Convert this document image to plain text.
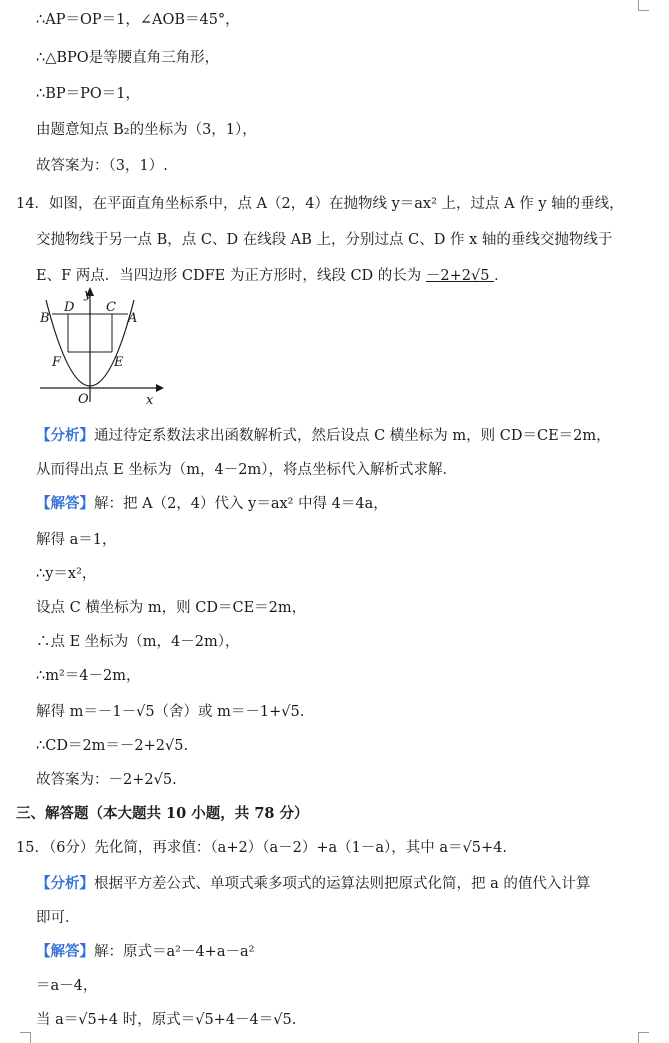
∴AP＝OP＝1，∠AOB＝45°，
∴△BPO是等腰直角三角形，
∴BP＝PO＝1，
由题意知点 B₂的坐标为（3，1），
故答案为：（3，1）.
14．如图，在平面直角坐标系中，点 A（2，4）在抛物线 y＝ax² 上，过点 A 作 y 轴的垂线，
交抛物线于另一点 B，点 C、D 在线段 AB 上，分别过点 C、D 作 x 轴的垂线交抛物线于
E、F 两点．当四边形 CDFE 为正方形时，线段 CD 的长为 －2+2√5 ．
y
x
O
B
D C
A
F	E
【分析】通过待定系数法求出函数解析式，然后设点 C 横坐标为 m，则 CD＝CE＝2m，
从而得出点 E 坐标为（m，4－2m），将点坐标代入解析式求解．
【解答】解：把 A（2，4）代入 y＝ax² 中得 4＝4a，
解得 a＝1，
∴y＝x²，
设点 C 横坐标为 m，则 CD＝CE＝2m，
∴点 E 坐标为（m，4－2m），
∴m²＝4－2m，
解得 m＝－1－√5（舍）或 m＝－1+√5.
∴CD＝2m＝－2+2√5.
故答案为：－2+2√5.
三、解答题（本大题共 10 小题，共 78 分）
15．（6分）先化简，再求值：（a+2）（a－2）+a（1－a），其中 a＝√5+4.
【分析】根据平方差公式、单项式乘多项式的运算法则把原式化简，把 a 的值代入计算
即可．
【解答】解：原式＝a²－4+a－a²
＝a－4，
当 a＝√5+4 时，原式＝√5+4－4＝√5.
